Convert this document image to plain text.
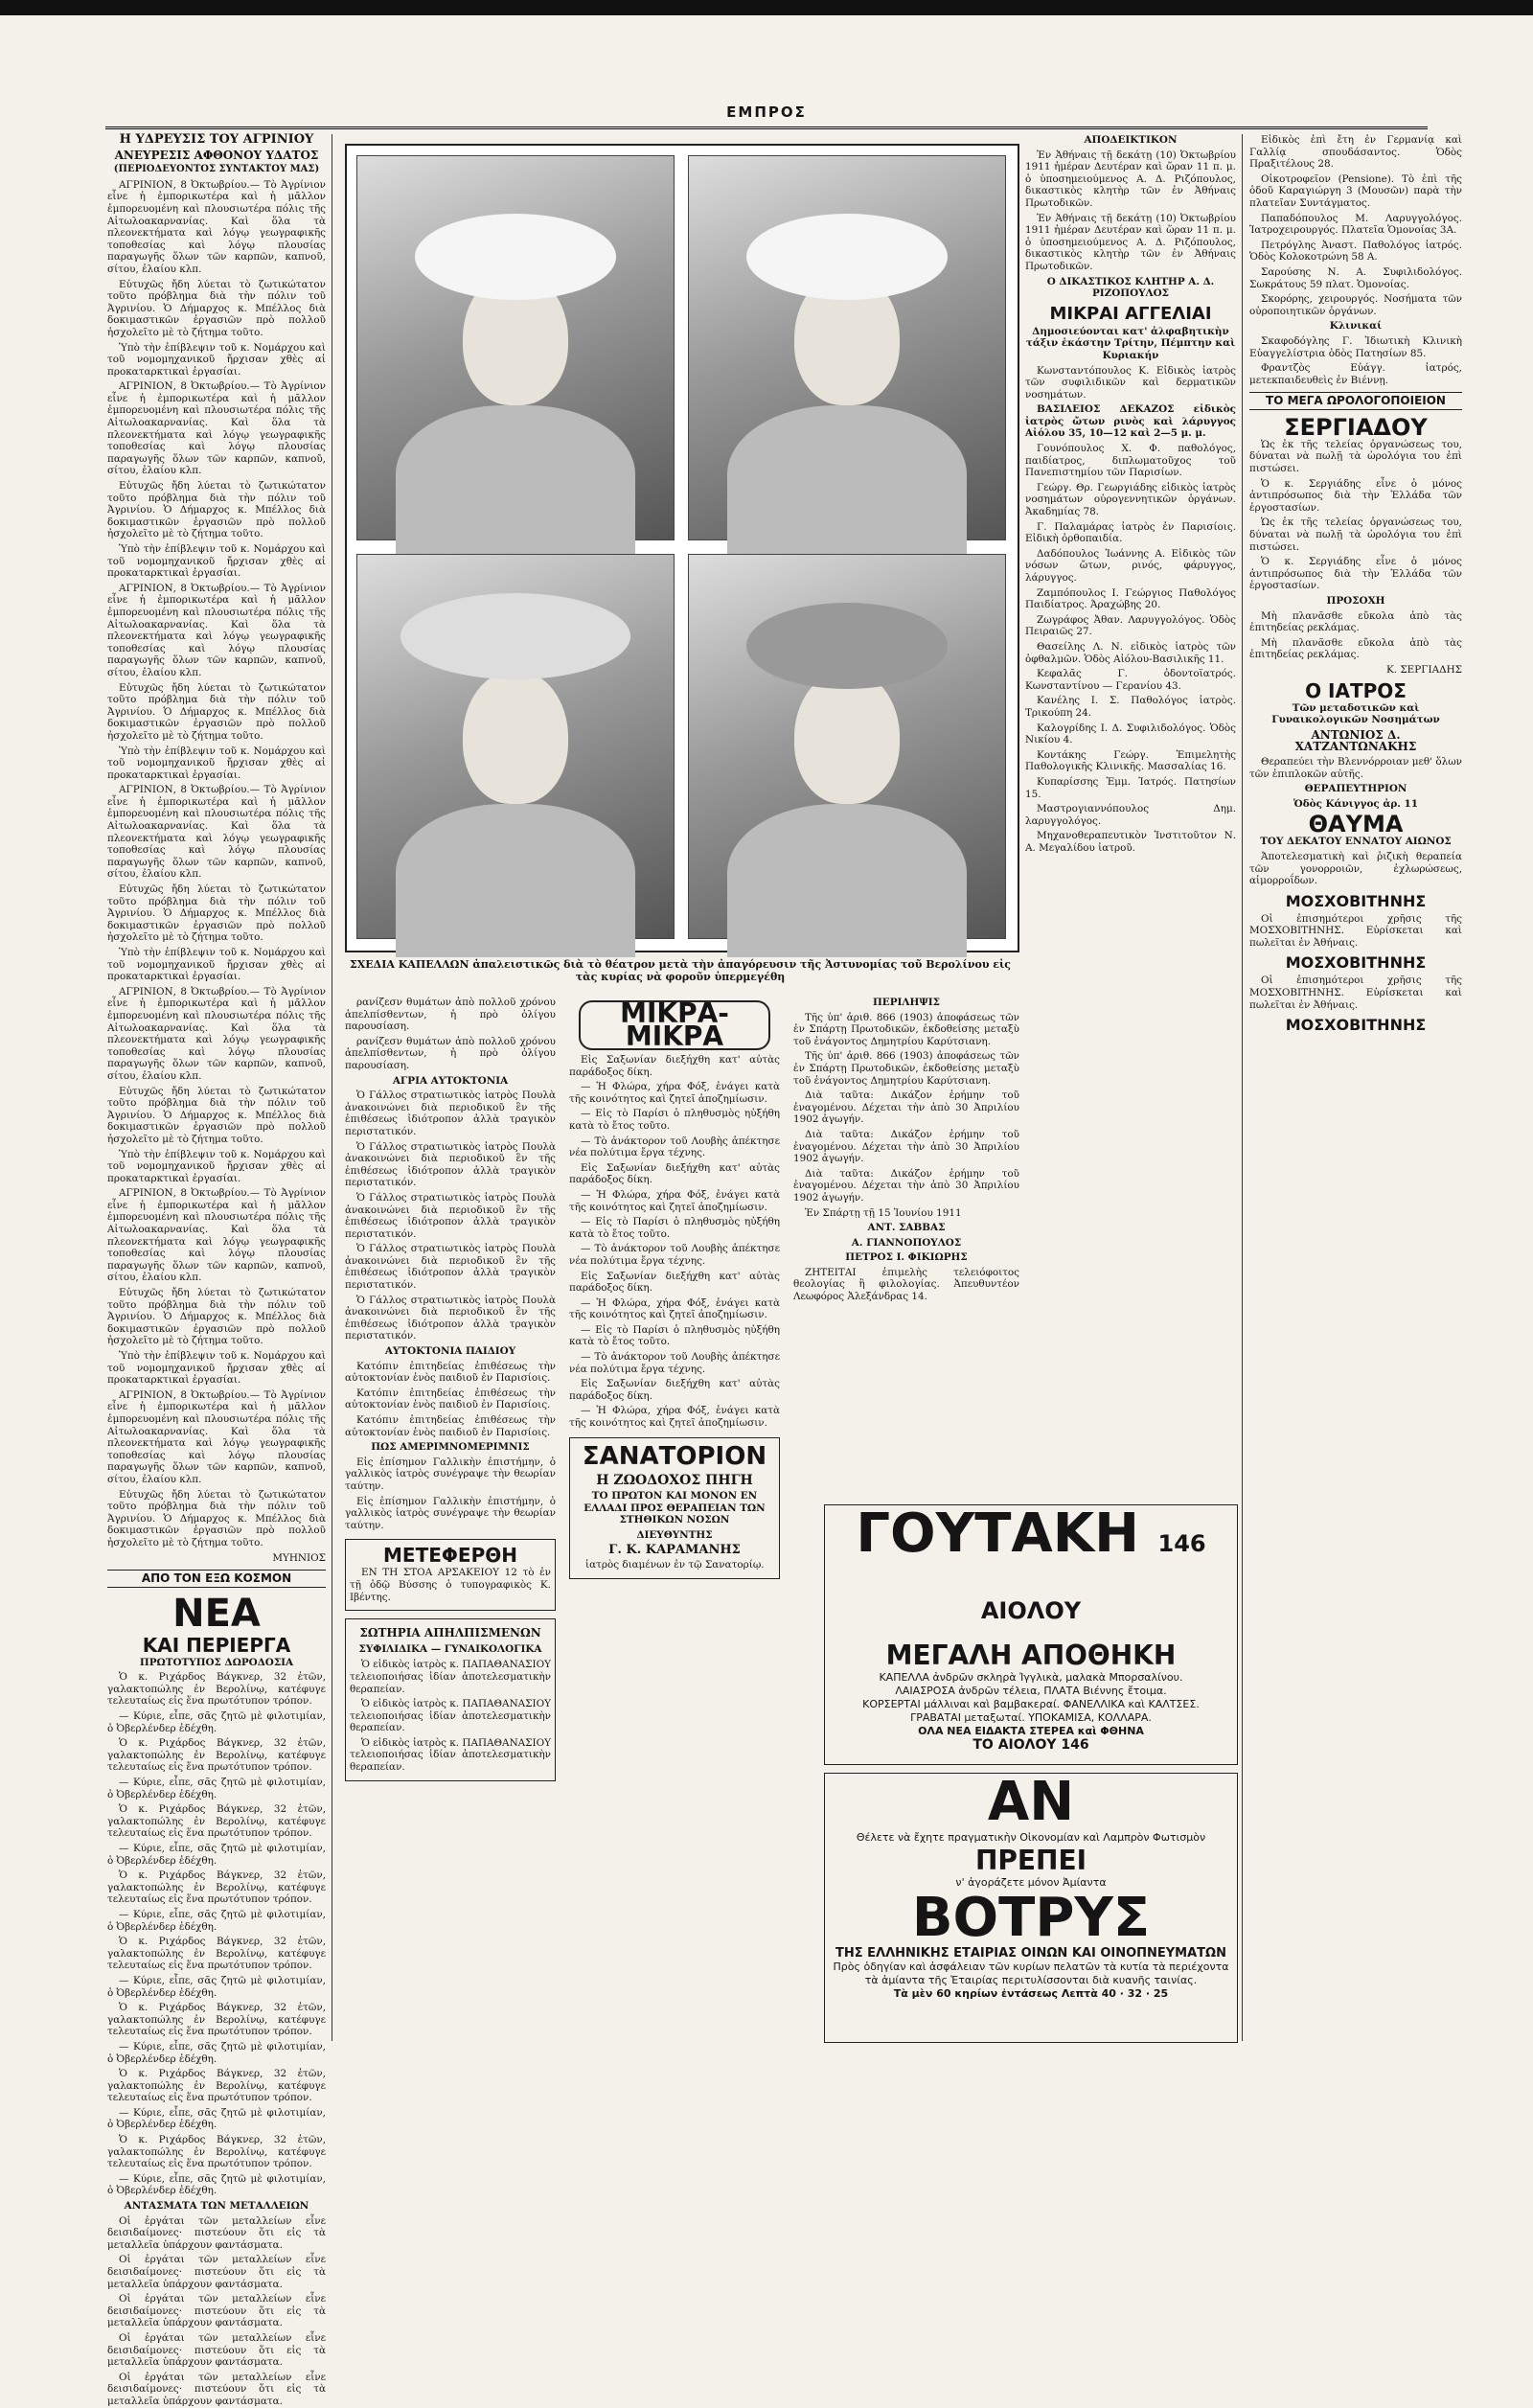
ΕΜΠΡΟΣ

Η ΥΔΡΕΥΣΙΣ ΤΟΥ ΑΓΡΙΝΙΟΥ

ΑΝΕΥΡΕΣΙΣ ΑΦΘΟΝΟΥ ΥΔΑΤΟΣ

(ΠΕΡΙΟΔΕΥΟΝΤΟΣ ΣΥΝΤΑΚΤΟΥ ΜΑΣ)

ΑΓΡΙΝΙΟΝ, 8 Ὀκτωβρίου.— Τὸ Ἀγρίνιον εἶνε ἡ ἐμπορικωτέρα καὶ ἡ μᾶλλον ἐμπορευομένη καὶ πλουσιωτέρα πόλις τῆς Αἰτωλοακαρνανίας. Καὶ ὅλα τὰ πλεονεκτήματα καὶ λόγῳ γεωγραφικῆς τοποθεσίας καὶ λόγῳ πλουσίας παραγωγῆς ὅλων τῶν καρπῶν, καπνοῦ, σίτου, ἐλαίου κλπ.

Εὐτυχῶς ἤδη λύεται τὸ ζωτικώτατον τοῦτο πρόβλημα διὰ τὴν πόλιν τοῦ Ἀγρινίου. Ὁ Δήμαρχος κ. Μπέλλος διὰ δοκιμαστικῶν ἐργασιῶν πρὸ πολλοῦ ἠσχολεῖτο μὲ τὸ ζήτημα τοῦτο.

Ὑπὸ τὴν ἐπίβλεψιν τοῦ κ. Νομάρχου καὶ τοῦ νομομηχανικοῦ ἤρχισαν χθὲς αἱ προκαταρκτικαὶ ἐργασίαι.

ΑΓΡΙΝΙΟΝ, 8 Ὀκτωβρίου.— Τὸ Ἀγρίνιον εἶνε ἡ ἐμπορικωτέρα καὶ ἡ μᾶλλον ἐμπορευομένη καὶ πλουσιωτέρα πόλις τῆς Αἰτωλοακαρνανίας. Καὶ ὅλα τὰ πλεονεκτήματα καὶ λόγῳ γεωγραφικῆς τοποθεσίας καὶ λόγῳ πλουσίας παραγωγῆς ὅλων τῶν καρπῶν, καπνοῦ, σίτου, ἐλαίου κλπ.

Εὐτυχῶς ἤδη λύεται τὸ ζωτικώτατον τοῦτο πρόβλημα διὰ τὴν πόλιν τοῦ Ἀγρινίου. Ὁ Δήμαρχος κ. Μπέλλος διὰ δοκιμαστικῶν ἐργασιῶν πρὸ πολλοῦ ἠσχολεῖτο μὲ τὸ ζήτημα τοῦτο.

Ὑπὸ τὴν ἐπίβλεψιν τοῦ κ. Νομάρχου καὶ τοῦ νομομηχανικοῦ ἤρχισαν χθὲς αἱ προκαταρκτικαὶ ἐργασίαι.

ΑΓΡΙΝΙΟΝ, 8 Ὀκτωβρίου.— Τὸ Ἀγρίνιον εἶνε ἡ ἐμπορικωτέρα καὶ ἡ μᾶλλον ἐμπορευομένη καὶ πλουσιωτέρα πόλις τῆς Αἰτωλοακαρνανίας. Καὶ ὅλα τὰ πλεονεκτήματα καὶ λόγῳ γεωγραφικῆς τοποθεσίας καὶ λόγῳ πλουσίας παραγωγῆς ὅλων τῶν καρπῶν, καπνοῦ, σίτου, ἐλαίου κλπ.

Εὐτυχῶς ἤδη λύεται τὸ ζωτικώτατον τοῦτο πρόβλημα διὰ τὴν πόλιν τοῦ Ἀγρινίου. Ὁ Δήμαρχος κ. Μπέλλος διὰ δοκιμαστικῶν ἐργασιῶν πρὸ πολλοῦ ἠσχολεῖτο μὲ τὸ ζήτημα τοῦτο.

Ὑπὸ τὴν ἐπίβλεψιν τοῦ κ. Νομάρχου καὶ τοῦ νομομηχανικοῦ ἤρχισαν χθὲς αἱ προκαταρκτικαὶ ἐργασίαι.

ΑΓΡΙΝΙΟΝ, 8 Ὀκτωβρίου.— Τὸ Ἀγρίνιον εἶνε ἡ ἐμπορικωτέρα καὶ ἡ μᾶλλον ἐμπορευομένη καὶ πλουσιωτέρα πόλις τῆς Αἰτωλοακαρνανίας. Καὶ ὅλα τὰ πλεονεκτήματα καὶ λόγῳ γεωγραφικῆς τοποθεσίας καὶ λόγῳ πλουσίας παραγωγῆς ὅλων τῶν καρπῶν, καπνοῦ, σίτου, ἐλαίου κλπ.

Εὐτυχῶς ἤδη λύεται τὸ ζωτικώτατον τοῦτο πρόβλημα διὰ τὴν πόλιν τοῦ Ἀγρινίου. Ὁ Δήμαρχος κ. Μπέλλος διὰ δοκιμαστικῶν ἐργασιῶν πρὸ πολλοῦ ἠσχολεῖτο μὲ τὸ ζήτημα τοῦτο.

Ὑπὸ τὴν ἐπίβλεψιν τοῦ κ. Νομάρχου καὶ τοῦ νομομηχανικοῦ ἤρχισαν χθὲς αἱ προκαταρκτικαὶ ἐργασίαι.

ΑΓΡΙΝΙΟΝ, 8 Ὀκτωβρίου.— Τὸ Ἀγρίνιον εἶνε ἡ ἐμπορικωτέρα καὶ ἡ μᾶλλον ἐμπορευομένη καὶ πλουσιωτέρα πόλις τῆς Αἰτωλοακαρνανίας. Καὶ ὅλα τὰ πλεονεκτήματα καὶ λόγῳ γεωγραφικῆς τοποθεσίας καὶ λόγῳ πλουσίας παραγωγῆς ὅλων τῶν καρπῶν, καπνοῦ, σίτου, ἐλαίου κλπ.

Εὐτυχῶς ἤδη λύεται τὸ ζωτικώτατον τοῦτο πρόβλημα διὰ τὴν πόλιν τοῦ Ἀγρινίου. Ὁ Δήμαρχος κ. Μπέλλος διὰ δοκιμαστικῶν ἐργασιῶν πρὸ πολλοῦ ἠσχολεῖτο μὲ τὸ ζήτημα τοῦτο.

Ὑπὸ τὴν ἐπίβλεψιν τοῦ κ. Νομάρχου καὶ τοῦ νομομηχανικοῦ ἤρχισαν χθὲς αἱ προκαταρκτικαὶ ἐργασίαι.

ΑΓΡΙΝΙΟΝ, 8 Ὀκτωβρίου.— Τὸ Ἀγρίνιον εἶνε ἡ ἐμπορικωτέρα καὶ ἡ μᾶλλον ἐμπορευομένη καὶ πλουσιωτέρα πόλις τῆς Αἰτωλοακαρνανίας. Καὶ ὅλα τὰ πλεονεκτήματα καὶ λόγῳ γεωγραφικῆς τοποθεσίας καὶ λόγῳ πλουσίας παραγωγῆς ὅλων τῶν καρπῶν, καπνοῦ, σίτου, ἐλαίου κλπ.

Εὐτυχῶς ἤδη λύεται τὸ ζωτικώτατον τοῦτο πρόβλημα διὰ τὴν πόλιν τοῦ Ἀγρινίου. Ὁ Δήμαρχος κ. Μπέλλος διὰ δοκιμαστικῶν ἐργασιῶν πρὸ πολλοῦ ἠσχολεῖτο μὲ τὸ ζήτημα τοῦτο.

Ὑπὸ τὴν ἐπίβλεψιν τοῦ κ. Νομάρχου καὶ τοῦ νομομηχανικοῦ ἤρχισαν χθὲς αἱ προκαταρκτικαὶ ἐργασίαι.

ΑΓΡΙΝΙΟΝ, 8 Ὀκτωβρίου.— Τὸ Ἀγρίνιον εἶνε ἡ ἐμπορικωτέρα καὶ ἡ μᾶλλον ἐμπορευομένη καὶ πλουσιωτέρα πόλις τῆς Αἰτωλοακαρνανίας. Καὶ ὅλα τὰ πλεονεκτήματα καὶ λόγῳ γεωγραφικῆς τοποθεσίας καὶ λόγῳ πλουσίας παραγωγῆς ὅλων τῶν καρπῶν, καπνοῦ, σίτου, ἐλαίου κλπ.

Εὐτυχῶς ἤδη λύεται τὸ ζωτικώτατον τοῦτο πρόβλημα διὰ τὴν πόλιν τοῦ Ἀγρινίου. Ὁ Δήμαρχος κ. Μπέλλος διὰ δοκιμαστικῶν ἐργασιῶν πρὸ πολλοῦ ἠσχολεῖτο μὲ τὸ ζήτημα τοῦτο.

ΜΥΗΝΙΟΣ

ΑΠΟ ΤΟΝ ΕΞΩ ΚΟΣΜΟΝ
ΝΕΑ
ΚΑΙ ΠΕΡΙΕΡΓΑ

ΠΡΩΤΟΤΥΠΟΣ ΔΩΡΟΔΟΣΙΑ

Ὁ κ. Ριχάρδος Βάγκνερ, 32 ἐτῶν, γαλακτοπώλης ἐν Βερολίνῳ, κατέφυγε τελευταίως εἰς ἕνα πρωτότυπον τρόπον.

— Κύριε, εἶπε, σᾶς ζητῶ μὲ φιλοτιμίαν, ὁ Ὀβερλένδερ ἐδέχθη.

Ὁ κ. Ριχάρδος Βάγκνερ, 32 ἐτῶν, γαλακτοπώλης ἐν Βερολίνῳ, κατέφυγε τελευταίως εἰς ἕνα πρωτότυπον τρόπον.

— Κύριε, εἶπε, σᾶς ζητῶ μὲ φιλοτιμίαν, ὁ Ὀβερλένδερ ἐδέχθη.

Ὁ κ. Ριχάρδος Βάγκνερ, 32 ἐτῶν, γαλακτοπώλης ἐν Βερολίνῳ, κατέφυγε τελευταίως εἰς ἕνα πρωτότυπον τρόπον.

— Κύριε, εἶπε, σᾶς ζητῶ μὲ φιλοτιμίαν, ὁ Ὀβερλένδερ ἐδέχθη.

Ὁ κ. Ριχάρδος Βάγκνερ, 32 ἐτῶν, γαλακτοπώλης ἐν Βερολίνῳ, κατέφυγε τελευταίως εἰς ἕνα πρωτότυπον τρόπον.

— Κύριε, εἶπε, σᾶς ζητῶ μὲ φιλοτιμίαν, ὁ Ὀβερλένδερ ἐδέχθη.

Ὁ κ. Ριχάρδος Βάγκνερ, 32 ἐτῶν, γαλακτοπώλης ἐν Βερολίνῳ, κατέφυγε τελευταίως εἰς ἕνα πρωτότυπον τρόπον.

— Κύριε, εἶπε, σᾶς ζητῶ μὲ φιλοτιμίαν, ὁ Ὀβερλένδερ ἐδέχθη.

Ὁ κ. Ριχάρδος Βάγκνερ, 32 ἐτῶν, γαλακτοπώλης ἐν Βερολίνῳ, κατέφυγε τελευταίως εἰς ἕνα πρωτότυπον τρόπον.

— Κύριε, εἶπε, σᾶς ζητῶ μὲ φιλοτιμίαν, ὁ Ὀβερλένδερ ἐδέχθη.

Ὁ κ. Ριχάρδος Βάγκνερ, 32 ἐτῶν, γαλακτοπώλης ἐν Βερολίνῳ, κατέφυγε τελευταίως εἰς ἕνα πρωτότυπον τρόπον.

— Κύριε, εἶπε, σᾶς ζητῶ μὲ φιλοτιμίαν, ὁ Ὀβερλένδερ ἐδέχθη.

Ὁ κ. Ριχάρδος Βάγκνερ, 32 ἐτῶν, γαλακτοπώλης ἐν Βερολίνῳ, κατέφυγε τελευταίως εἰς ἕνα πρωτότυπον τρόπον.

— Κύριε, εἶπε, σᾶς ζητῶ μὲ φιλοτιμίαν, ὁ Ὀβερλένδερ ἐδέχθη.

ΑΝΤΑΣΜΑΤΑ ΤΩΝ ΜΕΤΑΛΛΕΙΩΝ

Οἱ ἐργάται τῶν μεταλλείων εἶνε δεισιδαίμονες· πιστεύουν ὅτι εἰς τὰ μεταλλεῖα ὑπάρχουν φαντάσματα.

Οἱ ἐργάται τῶν μεταλλείων εἶνε δεισιδαίμονες· πιστεύουν ὅτι εἰς τὰ μεταλλεῖα ὑπάρχουν φαντάσματα.

Οἱ ἐργάται τῶν μεταλλείων εἶνε δεισιδαίμονες· πιστεύουν ὅτι εἰς τὰ μεταλλεῖα ὑπάρχουν φαντάσματα.

Οἱ ἐργάται τῶν μεταλλείων εἶνε δεισιδαίμονες· πιστεύουν ὅτι εἰς τὰ μεταλλεῖα ὑπάρχουν φαντάσματα.

Οἱ ἐργάται τῶν μεταλλείων εἶνε δεισιδαίμονες· πιστεύουν ὅτι εἰς τὰ μεταλλεῖα ὑπάρχουν φαντάσματα.

ΣΧΕΔΙΑ ΚΑΠΕΛΛΩΝ ἀπαλειστικῶς διὰ τὸ θέατρον μετὰ τὴν ἀπαγόρευσιν τῆς Ἀστυνομίας τοῦ Βερολίνου εἰς τὰς κυρίας νὰ φοροῦν ὑπερμεγέθη

ρανίζεσν θυμάτων ἀπὸ πολλοῦ χρόνου ἀπελπίσθεντων, ἡ πρὸ ὀλίγου παρουσίαση.

ρανίζεσν θυμάτων ἀπὸ πολλοῦ χρόνου ἀπελπίσθεντων, ἡ πρὸ ὀλίγου παρουσίαση.

ΑΓΡΙΑ ΑΥΤΟΚΤΟΝΙΑ

Ὁ Γάλλος στρατιωτικὸς ἰατρὸς Πουλὰ ἀνακοινώνει διὰ περιοδικοῦ ἓν τῆς ἐπιθέσεως ἰδιότροπον ἀλλὰ τραγικὸν περιστατικόν.

Ὁ Γάλλος στρατιωτικὸς ἰατρὸς Πουλὰ ἀνακοινώνει διὰ περιοδικοῦ ἓν τῆς ἐπιθέσεως ἰδιότροπον ἀλλὰ τραγικὸν περιστατικόν.

Ὁ Γάλλος στρατιωτικὸς ἰατρὸς Πουλὰ ἀνακοινώνει διὰ περιοδικοῦ ἓν τῆς ἐπιθέσεως ἰδιότροπον ἀλλὰ τραγικὸν περιστατικόν.

Ὁ Γάλλος στρατιωτικὸς ἰατρὸς Πουλὰ ἀνακοινώνει διὰ περιοδικοῦ ἓν τῆς ἐπιθέσεως ἰδιότροπον ἀλλὰ τραγικὸν περιστατικόν.

Ὁ Γάλλος στρατιωτικὸς ἰατρὸς Πουλὰ ἀνακοινώνει διὰ περιοδικοῦ ἓν τῆς ἐπιθέσεως ἰδιότροπον ἀλλὰ τραγικὸν περιστατικόν.

ΑΥΤΟΚΤΟΝΙΑ ΠΑΙΔΙΟΥ

Κατόπιν ἐπιτηδείας ἐπιθέσεως τὴν αὐτοκτονίαν ἑνὸς παιδιοῦ ἐν Παρισίοις.

Κατόπιν ἐπιτηδείας ἐπιθέσεως τὴν αὐτοκτονίαν ἑνὸς παιδιοῦ ἐν Παρισίοις.

Κατόπιν ἐπιτηδείας ἐπιθέσεως τὴν αὐτοκτονίαν ἑνὸς παιδιοῦ ἐν Παρισίοις.

ΠΩΣ ΑΜΕΡΙΜΝΟΜΕΡΙΜΝΙΣ

Εἰς ἐπίσημον Γαλλικὴν ἐπιστήμην, ὁ γαλλικὸς ἰατρὸς συνέγραψε τὴν θεωρίαν ταύτην.

Εἰς ἐπίσημον Γαλλικὴν ἐπιστήμην, ὁ γαλλικὸς ἰατρὸς συνέγραψε τὴν θεωρίαν ταύτην.

ΜΕΤΕΦΕΡΘΗ

ΕΝ ΤΗ ΣΤΟΑ ΑΡΣΑΚΕΙΟΥ 12 τὸ ἐν τῇ ὁδῷ Βύσσης ὁ τυπογραφικὸς Κ. Ιβέντης.

ΣΩΤΗΡΙΑ ΑΠΗΛΠΙΣΜΕΝΩΝ
ΣΥΦΙΛΙΔΙΚΑ — ΓΥΝΑΙΚΟΛΟΓΙΚΑ

Ὁ εἰδικὸς ἰατρὸς κ. ΠΑΠΑΘΑΝΑΣΙΟΥ τελειοποιήσας ἰδίαν ἀποτελεσματικὴν θεραπείαν.

Ὁ εἰδικὸς ἰατρὸς κ. ΠΑΠΑΘΑΝΑΣΙΟΥ τελειοποιήσας ἰδίαν ἀποτελεσματικὴν θεραπείαν.

Ὁ εἰδικὸς ἰατρὸς κ. ΠΑΠΑΘΑΝΑΣΙΟΥ τελειοποιήσας ἰδίαν ἀποτελεσματικὴν θεραπείαν.

ΜΙΚΡΑ-ΜΙΚΡΑ

Εἰς Σαξωνίαν διεξήχθη κατ' αὐτὰς παράδοξος δίκη.

— Ἡ Φλώρα, χήρα Φόξ, ἐνάγει κατὰ τῆς κοινότητος καὶ ζητεῖ ἀποζημίωσιν.

— Εἰς τὸ Παρίσι ὁ πληθυσμὸς ηὐξήθη κατὰ τὸ ἔτος τοῦτο.

— Τὸ ἀνάκτορον τοῦ Λουβὴς ἀπέκτησε νέα πολύτιμα ἔργα τέχνης.

Εἰς Σαξωνίαν διεξήχθη κατ' αὐτὰς παράδοξος δίκη.

— Ἡ Φλώρα, χήρα Φόξ, ἐνάγει κατὰ τῆς κοινότητος καὶ ζητεῖ ἀποζημίωσιν.

— Εἰς τὸ Παρίσι ὁ πληθυσμὸς ηὐξήθη κατὰ τὸ ἔτος τοῦτο.

— Τὸ ἀνάκτορον τοῦ Λουβὴς ἀπέκτησε νέα πολύτιμα ἔργα τέχνης.

Εἰς Σαξωνίαν διεξήχθη κατ' αὐτὰς παράδοξος δίκη.

— Ἡ Φλώρα, χήρα Φόξ, ἐνάγει κατὰ τῆς κοινότητος καὶ ζητεῖ ἀποζημίωσιν.

— Εἰς τὸ Παρίσι ὁ πληθυσμὸς ηὐξήθη κατὰ τὸ ἔτος τοῦτο.

— Τὸ ἀνάκτορον τοῦ Λουβὴς ἀπέκτησε νέα πολύτιμα ἔργα τέχνης.

Εἰς Σαξωνίαν διεξήχθη κατ' αὐτὰς παράδοξος δίκη.

— Ἡ Φλώρα, χήρα Φόξ, ἐνάγει κατὰ τῆς κοινότητος καὶ ζητεῖ ἀποζημίωσιν.

ΣΑΝΑΤΟΡΙΟΝ
Η ΖΩΟΔΟΧΟΣ ΠΗΓΗ

ΤΟ ΠΡΩΤΟΝ ΚΑΙ ΜΟΝΟΝ ΕΝ ΕΛΛΑΔΙ ΠΡΟΣ ΘΕΡΑΠΕΙΑΝ ΤΩΝ ΣΤΗΘΙΚΩΝ ΝΟΣΩΝ

ΔΙΕΥΘΥΝΤΗΣ

Γ. Κ. ΚΑΡΑΜΑΝΗΣ

ἰατρὸς διαμένων ἐν τῷ Σανατορίῳ.

ΠΕΡΙΛΗΨΙΣ

Τῆς ὑπ' ἀριθ. 866 (1903) ἀποφάσεως τῶν ἐν Σπάρτῃ Πρωτοδικῶν, ἐκδοθείσης μεταξὺ τοῦ ἐνάγοντος Δημητρίου Καρύτσιανη.

Τῆς ὑπ' ἀριθ. 866 (1903) ἀποφάσεως τῶν ἐν Σπάρτῃ Πρωτοδικῶν, ἐκδοθείσης μεταξὺ τοῦ ἐνάγοντος Δημητρίου Καρύτσιανη.

Διὰ ταῦτα: Δικάζον ἐρήμην τοῦ ἐναγομένου. Δέχεται τὴν ἀπὸ 30 Ἀπριλίου 1902 ἀγωγήν.

Διὰ ταῦτα: Δικάζον ἐρήμην τοῦ ἐναγομένου. Δέχεται τὴν ἀπὸ 30 Ἀπριλίου 1902 ἀγωγήν.

Διὰ ταῦτα: Δικάζον ἐρήμην τοῦ ἐναγομένου. Δέχεται τὴν ἀπὸ 30 Ἀπριλίου 1902 ἀγωγήν.

Ἐν Σπάρτῃ τῇ 15 Ἰουνίου 1911

ΑΝΤ. ΣΑΒΒΑΣ

Α. ΓΙΑΝΝΟΠΟΥΛΟΣ

ΠΕΤΡΟΣ Ι. ΦΙΚΙΩΡΗΣ

ΖΗΤΕΙΤΑΙ ἐπιμελὴς τελειόφοιτος θεολογίας ἢ φιλολογίας. Ἀπευθυντέον Λεωφόρος Ἀλεξάνδρας 14.

ΓΟΥΤΑΚΗ 146 ΑΙΟΛΟΥ
ΜΕΓΑΛΗ ΑΠΟΘΗΚΗ
ΚΑΠΕΛΛΑ ἀνδρῶν σκληρὰ Ἰγγλικὰ, μαλακὰ Μπορσαλίνου.
ΛΑΙΑΣΡΟΣΑ ἀνδρῶν τέλεια, ΠΛΑΤΑ Βιέννης ἔτοιμα.
ΚΟΡΣΕΡΤΑΙ μάλλιναι καὶ βαμβακεραί. ΦΑΝΕΛΛΙΚΑ καὶ ΚΑΛΤΣΕΣ.
ΓΡΑΒΑΤΑΙ μεταξωταί. ΥΠΟΚΑΜΙΣΑ, ΚΟΛΛΑΡΑ.
ΟΛΑ ΝΕΑ ΕΙΔΑΚΤΑ ΣΤΕΡΕΑ καὶ ΦΘΗΝΑ
ΤΟ ΑΙΟΛΟΥ 146
ΑΝ
Θέλετε νὰ ἔχητε πραγματικὴν Οἰκονομίαν καὶ Λαμπρὸν Φωτισμὸν
ΠΡΕΠΕΙ
ν' ἀγοράζετε μόνον Ἀμίαντα
ΒΟΤΡΥΣ
ΤΗΣ ΕΛΛΗΝΙΚΗΣ ΕΤΑΙΡΙΑΣ ΟΙΝΩΝ ΚΑΙ ΟΙΝΟΠΝΕΥΜΑΤΩΝ
Πρὸς ὁδηγίαν καὶ ἀσφάλειαν τῶν κυρίων πελατῶν τὰ κυτία τὰ περιέχοντα τὰ ἀμίαντα τῆς Ἑταιρίας περιτυλίσσονται διὰ κυανῆς ταινίας.
Τὰ μὲν 60 κηρίων ἐντάσεως Λεπτὰ 40 · 32 · 25

ΑΠΟΔΕΙΚΤΙΚΟΝ

Ἐν Ἀθήναις τῇ δεκάτῃ (10) Ὀκτωβρίου 1911 ἡμέραν Δευτέραν καὶ ὥραν 11 π. μ. ὁ ὑποσημειούμενος Α. Δ. Ριζόπουλος, δικαστικὸς κλητὴρ τῶν ἐν Ἀθήναις Πρωτοδικῶν.

Ἐν Ἀθήναις τῇ δεκάτῃ (10) Ὀκτωβρίου 1911 ἡμέραν Δευτέραν καὶ ὥραν 11 π. μ. ὁ ὑποσημειούμενος Α. Δ. Ριζόπουλος, δικαστικὸς κλητὴρ τῶν ἐν Ἀθήναις Πρωτοδικῶν.

Ο ΔΙΚΑΣΤΙΚΟΣ ΚΛΗΤΗΡ Α. Δ. ΡΙΖΟΠΟΥΛΟΣ

ΜΙΚΡΑΙ ΑΓΓΕΛΙΑΙ

Δημοσιεύονται κατ' ἀλφαβητικὴν τάξιν ἑκάστην Τρίτην, Πέμπτην καὶ Κυριακήν

Κωνσταντόπουλος Κ. Εἰδικὸς ἰατρὸς τῶν συφιλιδικῶν καὶ δερματικῶν νοσημάτων.

ΒΑΣΙΛΕΙΟΣ ΔΕΚΑΖΟΣ εἰδικὸς ἰατρὸς ὤτων ρινὸς καὶ λάρυγγος Αἰόλου 35, 10—12 καὶ 2—5 μ. μ.

Γουνόπουλος Χ. Φ. παθολόγος, παιδίατρος, διπλωματοῦχος τοῦ Πανεπιστημίου τῶν Παρισίων.

Γεώργ. Θρ. Γεωργιάδης εἰδικὸς ἰατρὸς νοσημάτων οὐρογεννητικῶν ὀργάνων. Ἀκαδημίας 78.

Γ. Παλαμάρας ἰατρὸς ἐν Παρισίοις. Εἰδικὴ ὀρθοπαιδία.

Δαδόπουλος Ἰωάννης Α. Εἰδικὸς τῶν νόσων ὤτων, ρινός, φάρυγγος, λάρυγγος.

Ζαμπόπουλος Ι. Γεώργιος Παθολόγος Παιδίατρος. Ἀραχώβης 20.

Ζωγράφος Ἀθαν. Λαρυγγολόγος. Ὁδὸς Πειραιῶς 27.

Θασείλης Λ. Ν. εἰδικὸς ἰατρὸς τῶν ὀφθαλμῶν. Ὁδὸς Αἰόλου-Βασιλικῆς 11.

Κεφαλᾶς Γ. ὀδοντοϊατρός. Κωνσταντίνου — Γερανίου 43.

Κανέλης Ι. Σ. Παθολόγος ἰατρὸς. Τρικούπη 24.

Καλογρίδης Ι. Δ. Συφιλιδολόγος. Ὁδὸς Νικίου 4.

Κοντάκης Γεώργ. Ἐπιμελητὴς Παθολογικῆς Κλινικῆς. Μασσαλίας 16.

Κυπαρίσσης Ἐμμ. Ἰατρός. Πατησίων 15.

Μαστρογιαννόπουλος Δημ. λαρυγγολόγος.

Μηχανοθεραπευτικὸν Ἰνστιτοῦτον Ν. Α. Μεγαλίδου ἰατροῦ.

Εἰδικὸς ἐπὶ ἔτη ἐν Γερμανίᾳ καὶ Γαλλίᾳ σπουδάσαντος. Ὁδὸς Πραξιτέλους 28.

Οἰκοτροφεῖον (Pensione). Τὸ ἐπὶ τῆς ὁδοῦ Καραγιώργη 3 (Μουσῶν) παρὰ τὴν πλατεῖαν Συντάγματος.

Παπαδόπουλος Μ. Λαρυγγολόγος. Ἰατροχειρουργός. Πλατεῖα Ὁμονοίας 3Α.

Πετρόγλης Ἀναστ. Παθολόγος ἰατρός. Ὁδὸς Κολοκοτρώνη 58 Α.

Σαρούσης Ν. Α. Συφιλιδολόγος. Σωκράτους 59 πλατ. Ὁμονοίας.

Σκορόρης, χειρουργός. Νοσήματα τῶν οὐροποιητικῶν ὀργάνων.

Κλινικαί

Σκαφοδόγλης Γ. Ἰδιωτικὴ Κλινικὴ Εὐαγγελίστρια ὁδὸς Πατησίων 85.

Φραντζὸς Εὐάγγ. ἰατρός, μετεκπαιδευθεὶς ἐν Βιέννῃ.

ΤΟ ΜΕΓΑ ΩΡΟΛΟΓΟΠΟΙΕΙΟΝ
ΣΕΡΓΙΑΔΟΥ

Ὡς ἐκ τῆς τελείας ὀργανώσεως του, δύναται νὰ πωλῇ τὰ ὡρολόγια του ἐπὶ πιστώσει.

Ὁ κ. Σεργιάδης εἶνε ὁ μόνος ἀντιπρόσωπος διὰ τὴν Ἑλλάδα τῶν ἐργοστασίων.

Ὡς ἐκ τῆς τελείας ὀργανώσεως του, δύναται νὰ πωλῇ τὰ ὡρολόγια του ἐπὶ πιστώσει.

Ὁ κ. Σεργιάδης εἶνε ὁ μόνος ἀντιπρόσωπος διὰ τὴν Ἑλλάδα τῶν ἐργοστασίων.

ΠΡΟΣΟΧΗ

Μὴ πλανᾶσθε εὔκολα ἀπὸ τὰς ἐπιτηδείας ρεκλάμας.

Μὴ πλανᾶσθε εὔκολα ἀπὸ τὰς ἐπιτηδείας ρεκλάμας.

Κ. ΣΕΡΓΙΑΔΗΣ

Ο ΙΑΤΡΟΣ

Τῶν μεταδοτικῶν καὶ Γυναικολογικῶν Νοσημάτων

ΑΝΤΩΝΙΟΣ Δ. ΧΑΤΖΑΝΤΩΝΑΚΗΣ

Θεραπεύει τὴν Βλεννόρροιαν μεθ' ὅλων τῶν ἐπιπλοκῶν αὐτῆς.

ΘΕΡΑΠΕΥΤΗΡΙΟΝ

Ὁδὸς Κάνιγγος ἀρ. 11

ΘΑΥΜΑ

ΤΟΥ ΔΕΚΑΤΟΥ ΕΝΝΑΤΟΥ ΑΙΩΝΟΣ

Ἀποτελεσματικὴ καὶ ῥιζικὴ θεραπεία τῶν γονορροιῶν, ἐχλωρώσεως, αἱμορροΐδων.

ΜΟΣΧΟΒΙΤΗΝΗΣ

Οἱ ἐπισημότεροι χρῆσις τῆς ΜΟΣΧΟΒΙΤΗΝΗΣ. Εὐρίσκεται καὶ πωλεῖται ἐν Ἀθήναις.

ΜΟΣΧΟΒΙΤΗΝΗΣ

Οἱ ἐπισημότεροι χρῆσις τῆς ΜΟΣΧΟΒΙΤΗΝΗΣ. Εὐρίσκεται καὶ πωλεῖται ἐν Ἀθήναις.

ΜΟΣΧΟΒΙΤΗΝΗΣ
